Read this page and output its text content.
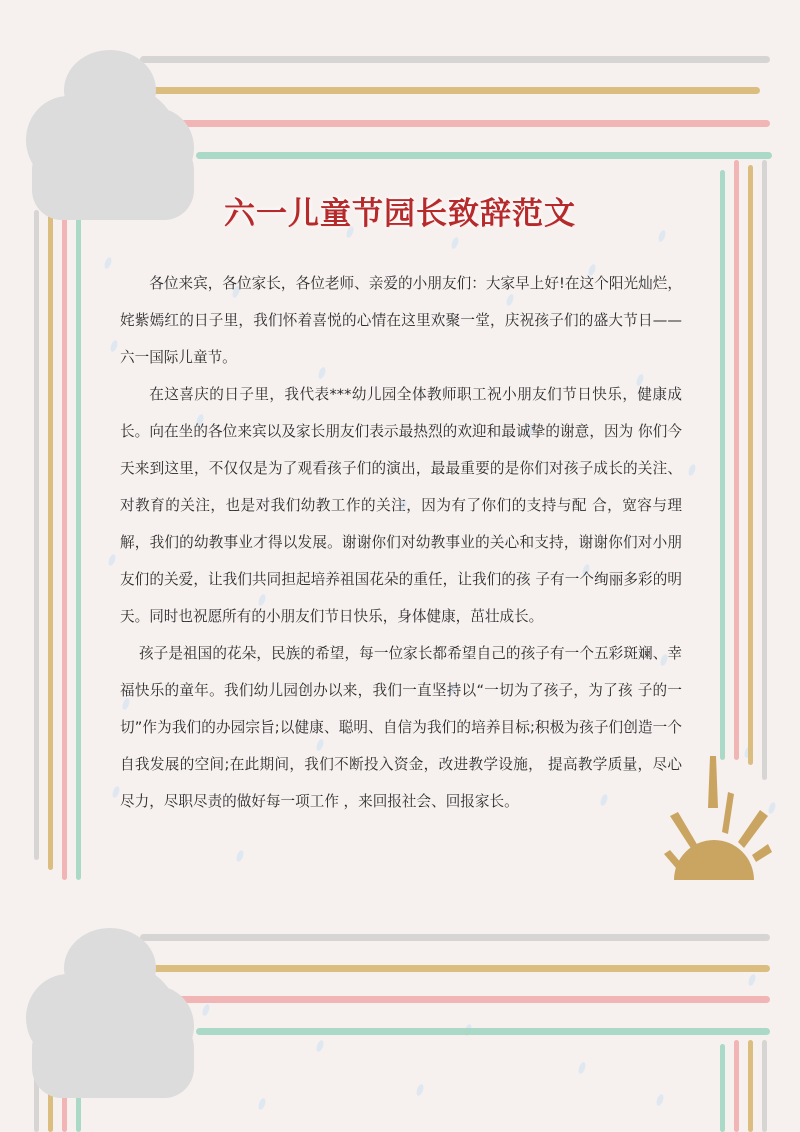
六一儿童节园长致辞范文

各位来宾，各位家长，各位老师、亲爱的小朋友们：大家早上好!在这个阳光灿烂，姹紫嫣红的日子里，我们怀着喜悦的心情在这里欢聚一堂，庆祝孩子们的盛大节日——六一国际儿童节。

在这喜庆的日子里，我代表***幼儿园全体教师职工祝小朋友们节日快乐，健康成长。向在坐的各位来宾以及家长朋友们表示最热烈的欢迎和最诚挚的谢意，因为 你们今天来到这里，不仅仅是为了观看孩子们的演出，最最重要的是你们对孩子成长的关注、对教育的关注，也是对我们幼教工作的关注，因为有了你们的支持与配 合，宽容与理解，我们的幼教事业才得以发展。谢谢你们对幼教事业的关心和支持，谢谢你们对小朋友们的关爱，让我们共同担起培养祖国花朵的重任，让我们的孩 子有一个绚丽多彩的明天。同时也祝愿所有的小朋友们节日快乐，身体健康，茁壮成长。

孩子是祖国的花朵，民族的希望，每一位家长都希望自己的孩子有一个五彩斑斓、幸福快乐的童年。我们幼儿园创办以来，我们一直坚持以“一切为了孩子，为了孩 子的一切”作为我们的办园宗旨;以健康、聪明、自信为我们的培养目标;积极为孩子们创造一个自我发展的空间;在此期间，我们不断投入资金，改进教学设施， 提高教学质量，尽心尽力，尽职尽责的做好每一项工作 ，来回报社会、回报家长。
